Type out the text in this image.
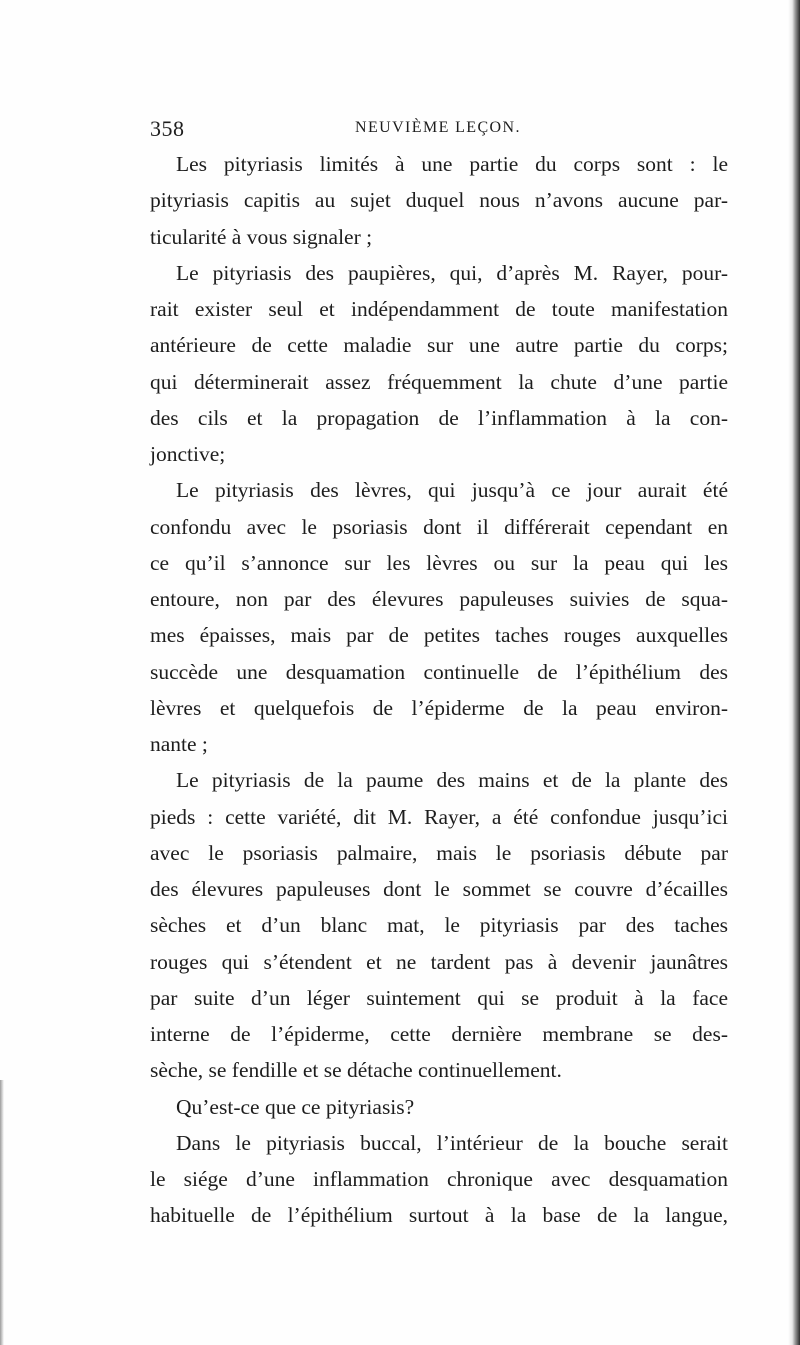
358	NEUVIÈME LEÇON.
Les pityriasis limités à une partie du corps sont : le
pityriasis capitis au sujet duquel nous n’avons aucune par-
ticularité à vous signaler ;
Le pityriasis des paupières, qui, d’après M. Rayer, pour-
rait exister seul et indépendamment de toute manifestation
antérieure de cette maladie sur une autre partie du corps;
qui déterminerait assez fréquemment la chute d’une partie
des cils et la propagation de l’inflammation à la con-
jonctive;
Le pityriasis des lèvres, qui jusqu’à ce jour aurait été
confondu avec le psoriasis dont il différerait cependant en
ce qu’il s’annonce sur les lèvres ou sur la peau qui les
entoure, non par des élevures papuleuses suivies de squa-
mes épaisses, mais par de petites taches rouges auxquelles
succède une desquamation continuelle de l’épithélium des
lèvres et quelquefois de l’épiderme de la peau environ-
nante ;
Le pityriasis de la paume des mains et de la plante des
pieds : cette variété, dit M. Rayer, a été confondue jusqu’ici
avec le psoriasis palmaire, mais le psoriasis débute par
des élevures papuleuses dont le sommet se couvre d’écailles
sèches et d’un blanc mat, le pityriasis par des taches
rouges qui s’étendent et ne tardent pas à devenir jaunâtres
par suite d’un léger suintement qui se produit à la face
interne de l’épiderme, cette dernière membrane se des-
sèche, se fendille et se détache continuellement.
Qu’est-ce que ce pityriasis?
Dans le pityriasis buccal, l’intérieur de la bouche serait
le siége d’une inflammation chronique avec desquamation
habituelle de l’épithélium surtout à la base de la langue,
